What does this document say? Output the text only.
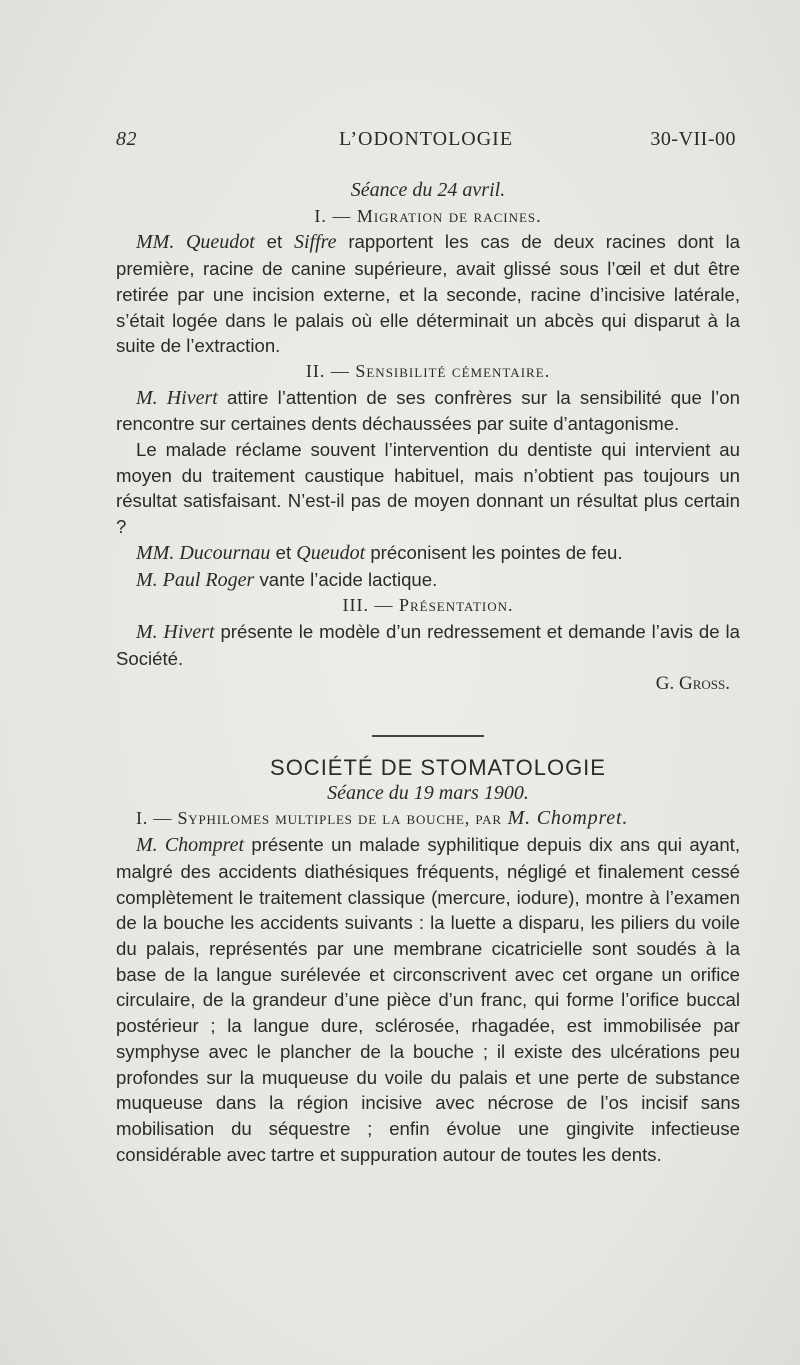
82	L’ODONTOLOGIE	30-VII-00

Séance du 24 avril.

I. — Migration de racines.

MM. Queudot et Siffre rapportent les cas de deux racines dont la première, racine de canine supérieure, avait glissé sous l’œil et dut être retirée par une incision externe, et la seconde, racine d’incisive latérale, s’était logée dans le palais où elle déterminait un abcès qui disparut à la suite de l’extraction.

II. — Sensibilité cémentaire.

M. Hivert attire l’attention de ses confrères sur la sensibilité que l’on rencontre sur certaines dents déchaussées par suite d’antagonisme.

Le malade réclame souvent l’intervention du dentiste qui intervient au moyen du traitement caustique habituel, mais n’obtient pas toujours un résultat satisfaisant. N’est-il pas de moyen donnant un résultat plus certain ?

MM. Ducournau et Queudot préconisent les pointes de feu.

M. Paul Roger vante l’acide lactique.

III. — Présentation.

M. Hivert présente le modèle d’un redressement et demande l’avis de la Société.

G. Gross.

SOCIÉTÉ DE STOMATOLOGIE

Séance du 19 mars 1900.

I. — Syphilomes multiples de la bouche, par M. Chompret.

M. Chompret présente un malade syphilitique depuis dix ans qui ayant, malgré des accidents diathésiques fréquents, négligé et finalement cessé complètement le traitement classique (mercure, iodure), montre à l’examen de la bouche les accidents suivants : la luette a disparu, les piliers du voile du palais, représentés par une membrane cicatricielle sont soudés à la base de la langue surélevée et circonscrivent avec cet organe un orifice circulaire, de la grandeur d’une pièce d’un franc, qui forme l’orifice buccal postérieur ; la langue dure, sclérosée, rhagadée, est immobilisée par symphyse avec le plancher de la bouche ; il existe des ulcérations peu profondes sur la muqueuse du voile du palais et une perte de substance muqueuse dans la région incisive avec nécrose de l’os incisif sans mobilisation du séquestre ; enfin évolue une gingivite infectieuse considérable avec tartre et suppuration autour de toutes les dents.
